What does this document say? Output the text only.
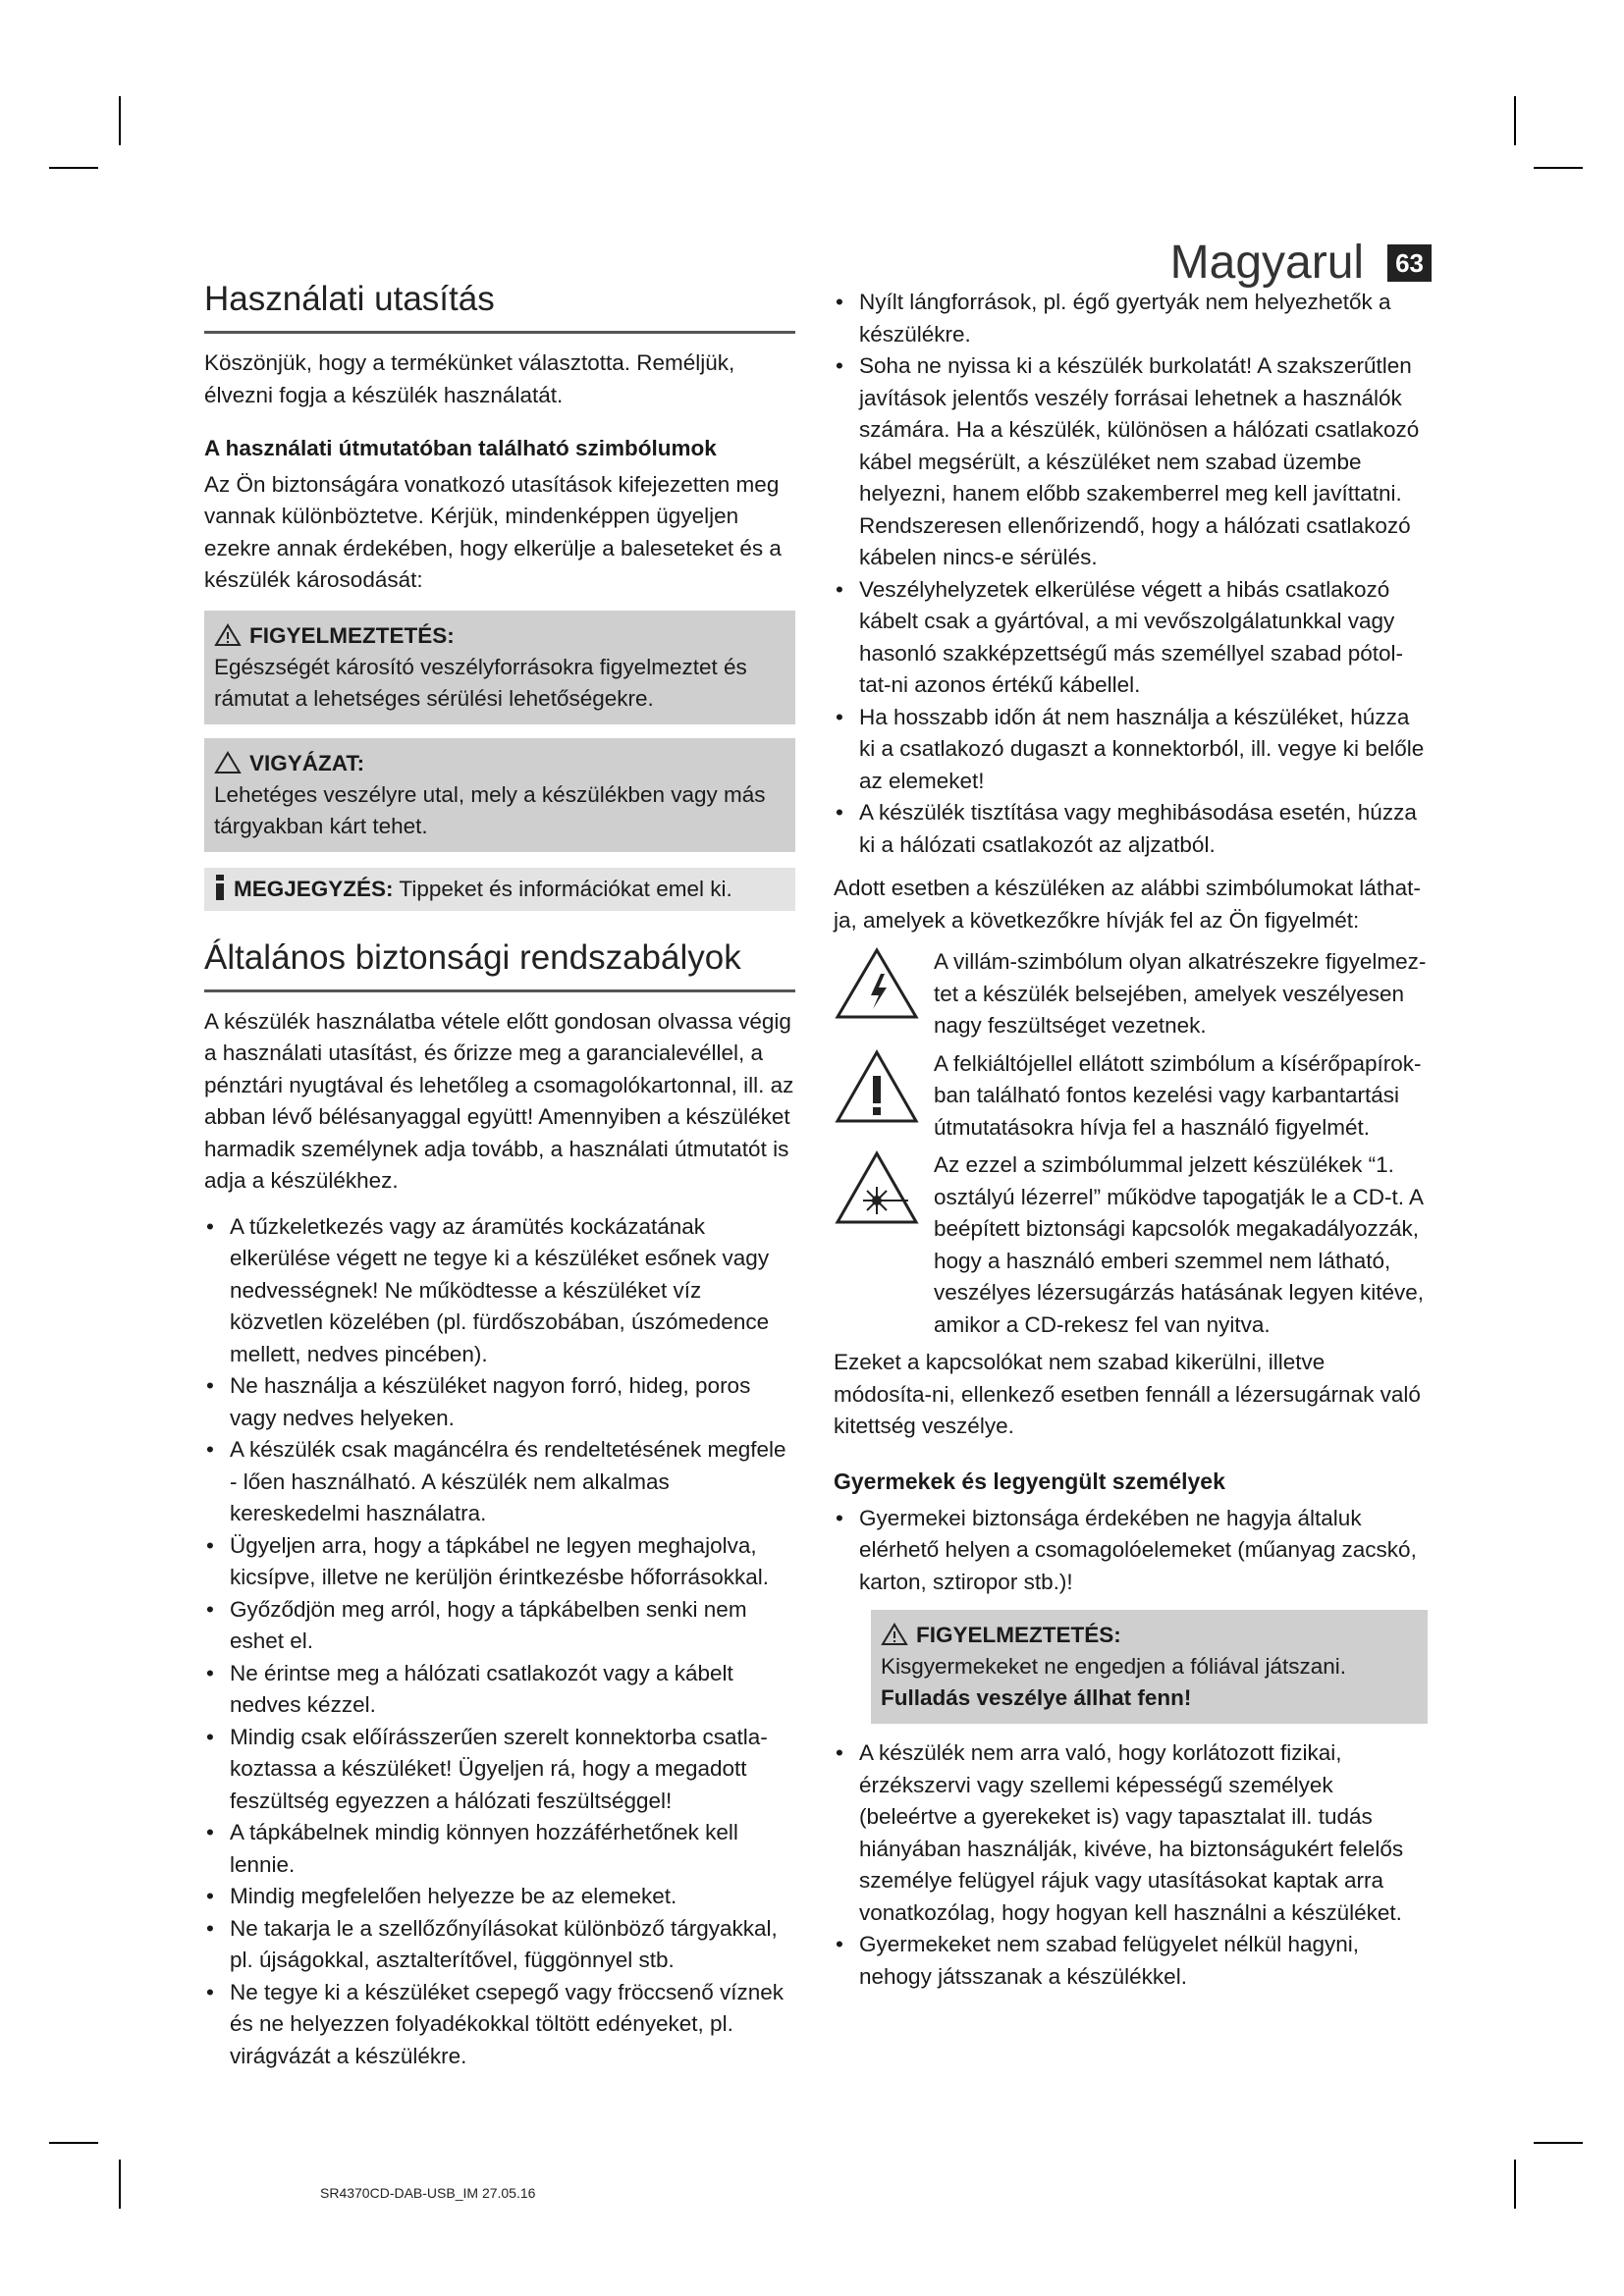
Magyarul	63
Használati utasítás

Köszönjük, hogy a termékünket választotta. Reméljük, élvezni fogja a készülék használatát.

A használati útmutatóban található szimbólumok

Az Ön biztonságára vonatkozó utasítások kifejezetten meg vannak különböztetve. Kérjük, mindenképpen ügyeljen ezekre annak érdekében, hogy elkerülje a baleseteket és a készülék károsodását:

FIGYELMEZTETÉS:

Egészségét károsító veszélyforrásokra figyelmeztet és rámutat a lehetséges sérülési lehetőségekre.

VIGYÁZAT:

Lehetéges veszélyre utal, mely a készülékben vagy más tárgyakban kárt tehet.

MEGJEGYZÉS: Tippeket és információkat emel ki.
Általános biztonsági rendszabályok

A készülék használatba vétele előtt gondosan olvassa végig a használati utasítást, és őrizze meg a garancialevéllel, a pénztári nyugtával és lehetőleg a csomagolókartonnal, ill. az abban lévő bélésanyaggal együtt! Amennyiben a készüléket harmadik személynek adja tovább, a használati útmutatót is adja a készülékhez.

• A tűzkeletkezés vagy az áramütés kockázatának elkerülése végett ne tegye ki a készüléket esőnek vagy nedvességnek! Ne működtesse a készüléket víz közvetlen közelében (pl. fürdőszobában, úszómedence mellett, nedves pincében).
• Ne használja a készüléket nagyon forró, hideg, poros vagy nedves helyeken.
• A készülék csak magáncélra és rendeltetésének megfele - lően használható. A készülék nem alkalmas kereskedelmi használatra.
• Ügyeljen arra, hogy a tápkábel ne legyen meghajolva, kicsípve, illetve ne kerüljön érintkezésbe hőforrásokkal.
• Győződjön meg arról, hogy a tápkábelben senki nem eshet el.
• Ne érintse meg a hálózati csatlakozót vagy a kábelt nedves kézzel.
• Mindig csak előírásszerűen szerelt konnektorba csatla-koztassa a készüléket! Ügyeljen rá, hogy a megadott feszültség egyezzen a hálózati feszültséggel!
• A tápkábelnek mindig könnyen hozzáférhetőnek kell lennie.
• Mindig megfelelően helyezze be az elemeket.
• Ne takarja le a szellőzőnyílásokat különböző tárgyakkal, pl. újságokkal, asztalterítővel, függönnyel stb.
• Ne tegye ki a készüléket csepegő vagy fröccsenő víznek és ne helyezzen folyadékokkal töltött edényeket, pl. virágvázát a készülékre.
• Nyílt lángforrások, pl. égő gyertyák nem helyezhetők a készülékre.
• Soha ne nyissa ki a készülék burkolatát! A szakszerűtlen javítások jelentős veszély forrásai lehetnek a használók számára. Ha a készülék, különösen a hálózati csatlakozó kábel megsérült, a készüléket nem szabad üzembe helyezni, hanem előbb szakemberrel meg kell javíttatni. Rendszeresen ellenőrizendő, hogy a hálózati csatlakozó kábelen nincs-e sérülés.
• Veszélyhelyzetek elkerülése végett a hibás csatlakozó kábelt csak a gyártóval, a mi vevőszolgálatunkkal vagy hasonló szakképzettségű más személlyel szabad pótol-tat-ni azonos értékű kábellel.
• Ha hosszabb időn át nem használja a készüléket, húzza ki a csatlakozó dugaszt a konnektorból, ill. vegye ki belőle az elemeket!
• A készülék tisztítása vagy meghibásodása esetén, húzza ki a hálózati csatlakozót az aljzatból.

Adott esetben a készüléken az alábbi szimbólumokat láthat-ja, amelyek a következőkre hívják fel az Ön figyelmét:

A villám-szimbólum olyan alkatrészekre figyelmez-tet a készülék belsejében, amelyek veszélyesen nagy feszültséget vezetnek.

A felkiáltójellel ellátott szimbólum a kísérőpapírok-ban található fontos kezelési vagy karbantartási útmutatásokra hívja fel a használó figyelmét.

Az ezzel a szimbólummal jelzett készülékek “1. osztályú lézerrel” működve tapogatják le a CD-t. A beépített biztonsági kapcsolók megakadályozzák, hogy a használó emberi szemmel nem látható, veszélyes lézersugárzás hatásának legyen kitéve, amikor a CD-rekesz fel van nyitva.

Ezeket a kapcsolókat nem szabad kikerülni, illetve módosíta-ni, ellenkező esetben fennáll a lézersugárnak való kitettség veszélye.

Gyermekek és legyengült személyek
• Gyermekei biztonsága érdekében ne hagyja általuk elérhető helyen a csomagolóelemeket (műanyag zacskó, karton, sztiropor stb.)!
FIGYELMEZTETÉS:

Kisgyermekeket ne engedjen a fóliával játszani.

Fulladás veszélye állhat fenn!

• A készülék nem arra való, hogy korlátozott fizikai, érzékszervi vagy szellemi képességű személyek (beleértve a gyerekeket is) vagy tapasztalat ill. tudás hiányában használják, kivéve, ha biztonságukért felelős személye felügyel rájuk vagy utasításokat kaptak arra vonatkozólag, hogy hogyan kell használni a készüléket.
• Gyermekeket nem szabad felügyelet nélkül hagyni, nehogy játsszanak a készülékkel.
SR4370CD-DAB-USB_IM 27.05.16
